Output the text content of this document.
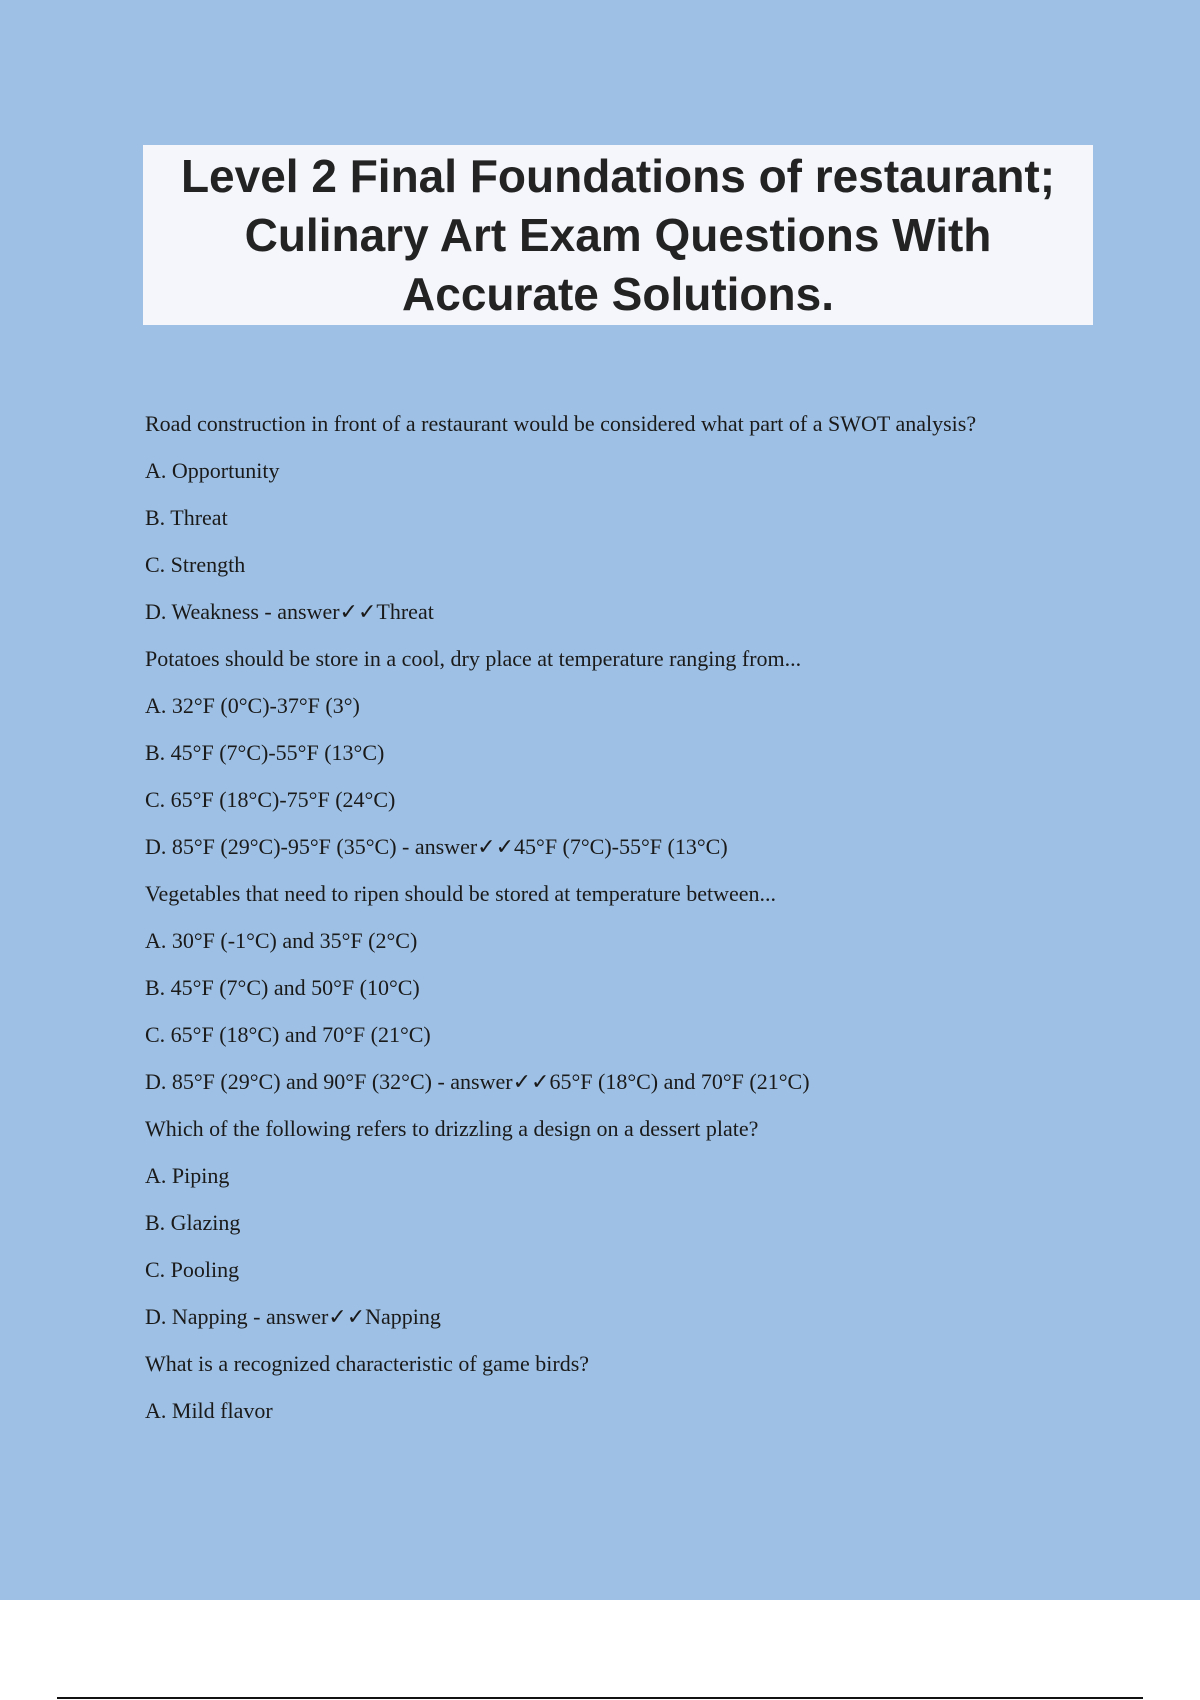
Level 2 Final Foundations of restaurant; Culinary Art Exam Questions With Accurate Solutions.
Road construction in front of a restaurant would be considered what part of a SWOT analysis?
A. Opportunity
B. Threat
C. Strength
D. Weakness - answer✓✓Threat
Potatoes should be store in a cool, dry place at temperature ranging from...
A. 32°F (0°C)-37°F (3°)
B. 45°F (7°C)-55°F (13°C)
C. 65°F (18°C)-75°F (24°C)
D. 85°F (29°C)-95°F (35°C) - answer✓✓45°F (7°C)-55°F (13°C)
Vegetables that need to ripen should be stored at temperature between...
A. 30°F (-1°C) and 35°F (2°C)
B. 45°F (7°C) and 50°F (10°C)
C. 65°F (18°C) and 70°F (21°C)
D. 85°F (29°C) and 90°F (32°C) - answer✓✓65°F (18°C) and 70°F (21°C)
Which of the following refers to drizzling a design on a dessert plate?
A. Piping
B. Glazing
C. Pooling
D. Napping - answer✓✓Napping
What is a recognized characteristic of game birds?
A. Mild flavor
